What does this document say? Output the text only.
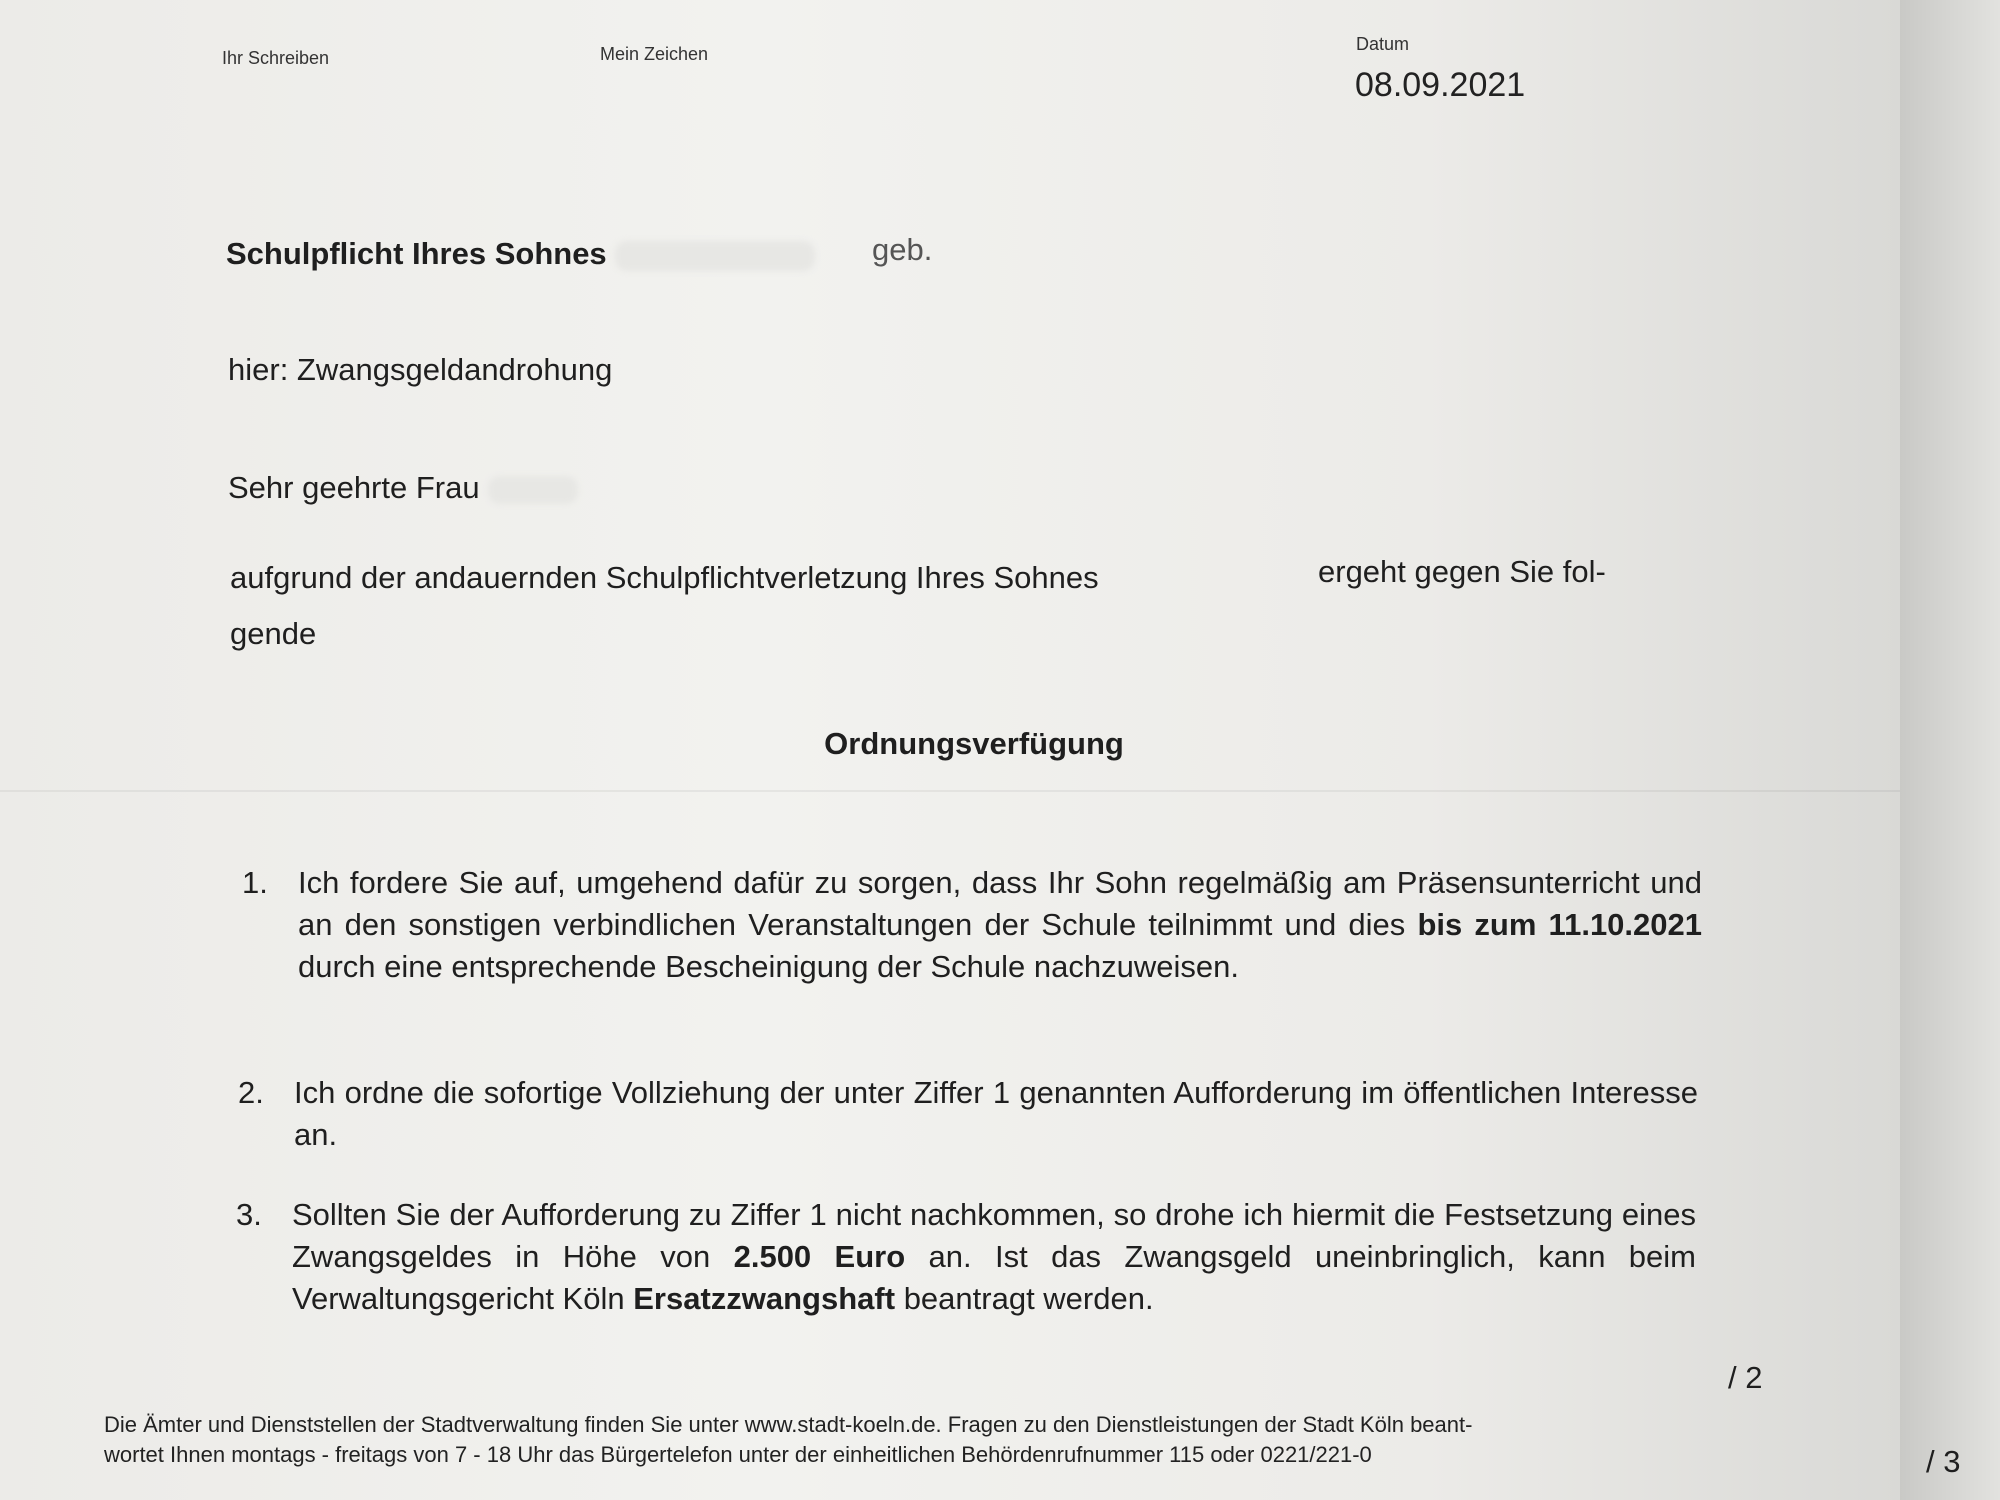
Ihr Schreiben	Mein Zeichen	Datum
08.09.2021
Schulpflicht Ihres Sohnes	geb.
hier: Zwangsgeldandrohung
Sehr geehrte Frau
aufgrund der andauernden Schulpflichtverletzung Ihres Sohnes	ergeht gegen Sie fol-
gende
Ordnungsverfügung
1. Ich fordere Sie auf, umgehend dafür zu sorgen, dass Ihr Sohn regelmäßig am Präsensunterricht und an den sonstigen verbindlichen Veranstaltungen der Schule teilnimmt und dies bis zum 11.10.2021 durch eine entsprechende Bescheinigung der Schule nachzuweisen.
2. Ich ordne die sofortige Vollziehung der unter Ziffer 1 genannten Aufforderung im öffentlichen Interesse an.
3. Sollten Sie der Aufforderung zu Ziffer 1 nicht nachkommen, so drohe ich hiermit die Festsetzung eines Zwangsgeldes in Höhe von 2.500 Euro an. Ist das Zwangsgeld uneinbringlich, kann beim Verwaltungsgericht Köln Ersatzzwangshaft beantragt werden.
/ 2
Die Ämter und Dienststellen der Stadtverwaltung finden Sie unter www.stadt-koeln.de. Fragen zu den Dienstleistungen der Stadt Köln beant-
wortet Ihnen montags - freitags von 7 - 18 Uhr das Bürgertelefon unter der einheitlichen Behördenrufnummer 115 oder 0221/221-0	/ 3
